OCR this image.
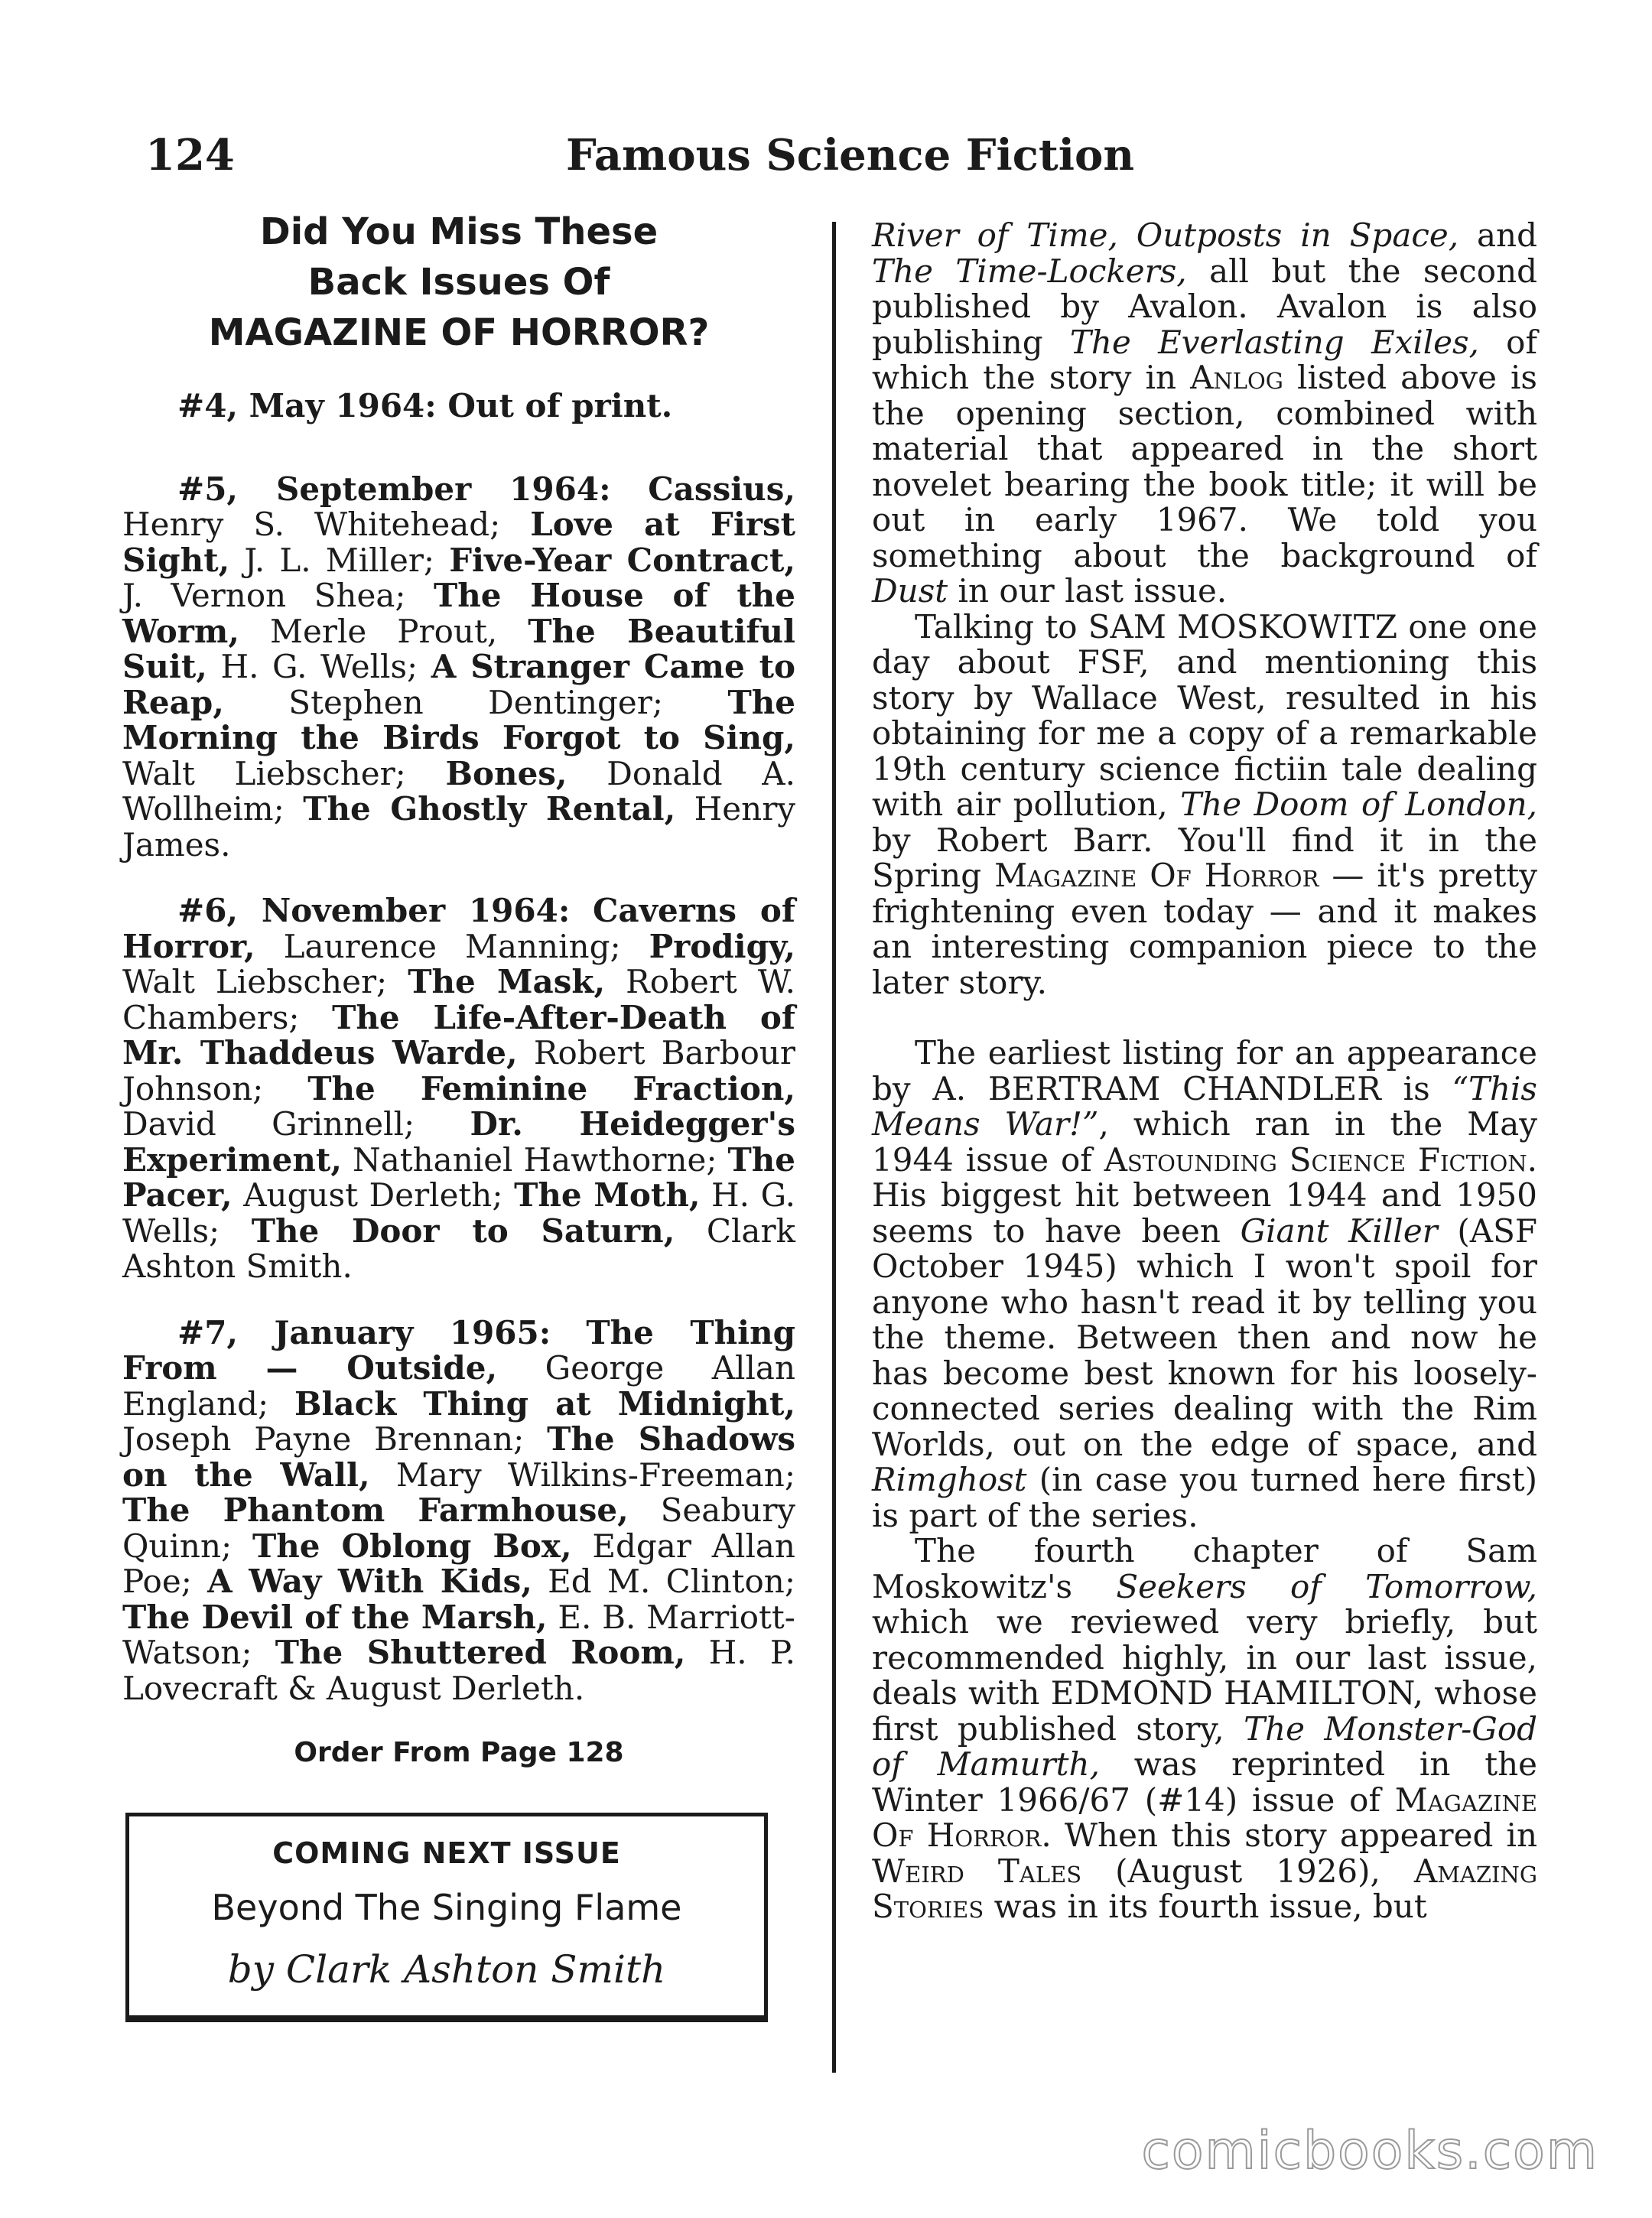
124	Famous Science Fiction
Did You Miss These
Back Issues Of
MAGAZINE OF HORROR?

#4, May 1964: Out of print.

#5, September 1964: Cassius, Henry S. Whitehead; Love at First Sight, J. L. Miller; Five-Year Contract, J. Vernon Shea; The House of the Worm, Merle Prout, The Beautiful Suit, H. G. Wells; A Stranger Came to Reap, Stephen Dentinger; The Morning the Birds Forgot to Sing, Walt Liebscher; Bones, Donald A. Wollheim; The Ghostly Rental, Henry James.

#6, November 1964: Caverns of Horror, Laurence Manning; Prodigy, Walt Liebscher; The Mask, Robert W. Chambers; The Life-After-Death of Mr. Thaddeus Warde, Robert Barbour Johnson; The Feminine Fraction, David Grinnell; Dr. Heidegger's Experiment, Nathaniel Hawthorne; The Pacer, August Derleth; The Moth, H. G. Wells; The Door to Saturn, Clark Ashton Smith.

#7, January 1965: The Thing From — Outside, George Allan England; Black Thing at Midnight, Joseph Payne Brennan; The Shadows on the Wall, Mary Wilkins-Freeman; The Phantom Farmhouse, Seabury Quinn; The Oblong Box, Edgar Allan Poe; A Way With Kids, Ed M. Clinton; The Devil of the Marsh, E. B. Marriott-Watson; The Shuttered Room, H. P. Lovecraft & August Derleth.

Order From Page 128
COMING NEXT ISSUE
Beyond The Singing Flame
by Clark Ashton Smith

River of Time, Outposts in Space, and The Time-Lockers, all but the second published by Avalon. Avalon is also publishing The Everlasting Exiles, of which the story in Anlog listed above is the opening section, combined with material that appeared in the short novelet bearing the book title; it will be out in early 1967. We told you something about the background of Dust in our last issue.

Talking to SAM MOSKOWITZ one one day about FSF, and mentioning this story by Wallace West, resulted in his obtaining for me a copy of a remarkable 19th century science fictiin tale dealing with air pollution, The Doom of London, by Robert Barr. You'll find it in the Spring Magazine Of Horror — it's pretty frightening even today — and it makes an interesting companion piece to the later story.

The earliest listing for an appearance by A. BERTRAM CHANDLER is “This Means War!”, which ran in the May 1944 issue of Astounding Science Fiction. His biggest hit between 1944 and 1950 seems to have been Giant Killer (ASF October 1945) which I won't spoil for anyone who hasn't read it by telling you the theme. Between then and now he has become best known for his loosely-connected series dealing with the Rim Worlds, out on the edge of space, and Rimghost (in case you turned here first) is part of the series.

The fourth chapter of Sam Moskowitz's Seekers of Tomorrow, which we reviewed very briefly, but recommended highly, in our last issue, deals with EDMOND HAMILTON, whose first published story, The Monster-God of Mamurth, was reprinted in the Winter 1966/67 (#14) issue of Magazine Of Horror. When this story appeared in Weird Tales (August 1926), Amazing Stories was in its fourth issue, but

comicbooks.com
